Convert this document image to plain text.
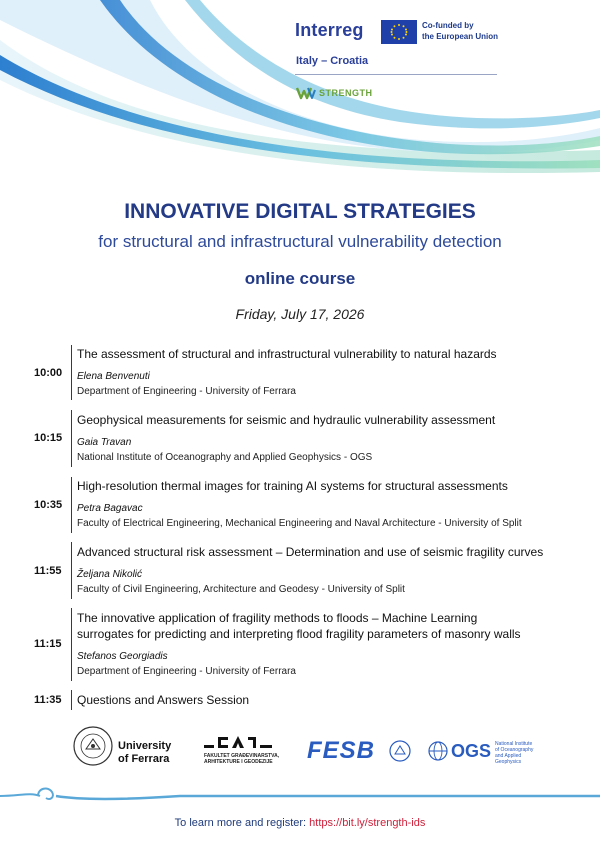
Interreg	Co-funded by
the European Union
Italy – Croatia
STRENGTH
INNOVATIVE DIGITAL STRATEGIES
for structural and infrastructural vulnerability detection
online course
Friday, July 17, 2026
10:00
The assessment of structural and infrastructural vulnerability to natural hazards
Elena Benvenuti
Department of Engineering - University of Ferrara
10:15
Geophysical measurements for seismic and hydraulic vulnerability assessment
Gaia Travan
National Institute of Oceanography and Applied Geophysics - OGS
10:35
High-resolution thermal images for training AI systems for structural assessments
Petra Bagavac
Faculty of Electrical Engineering, Mechanical Engineering and Naval Architecture - University of Split
11:55
Advanced structural risk assessment – Determination and use of seismic fragility curves
Željana Nikolić
Faculty of Civil Engineering, Architecture and Geodesy - University of Split
11:15
The innovative application of fragility methods to floods – Machine Learning
surrogates for predicting and interpreting flood fragility parameters of masonry walls
Stefanos Georgiadis
Department of Engineering - University of Ferrara
11:35	Questions and Answers Session
University
of Ferrara	FAKULTET GRAĐEVINARSTVA,
ARHITEKTURE I GEODEZIJE FESB	OGS National Institute
of Oceanography
and Applied
Geophysics
To learn more and register: https://bit.ly/strength-ids
